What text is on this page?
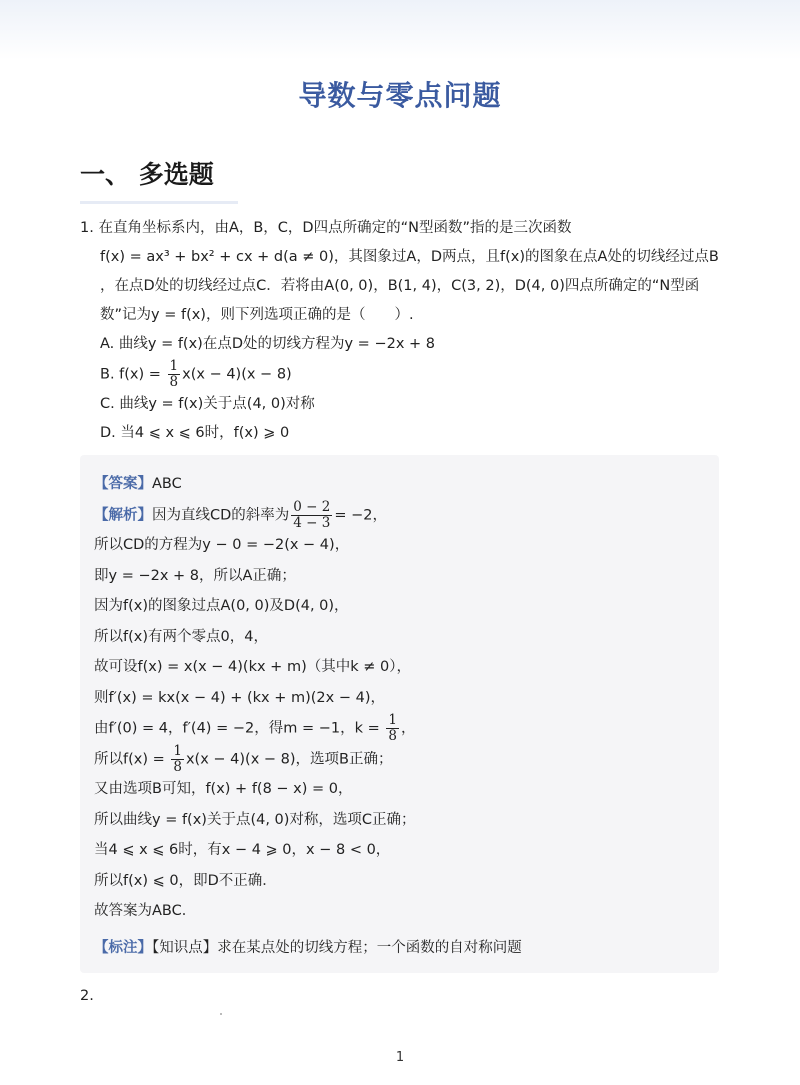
导数与零点问题
一、 多选题
1. 在直角坐标系内，由A，B，C，D四点所确定的“N型函数”指的是三次函数
f(x) = ax³ + bx² + cx + d(a ≠ 0)，其图象过A，D两点，且f(x)的图象在点A处的切线经过点B
，在点D处的切线经过点C．若将由A(0, 0)，B(1, 4)，C(3, 2)，D(4, 0)四点所确定的“N型函
数”记为y = f(x)，则下列选项正确的是（　　）.
A. 曲线y = f(x)在点D处的切线方程为y = −2x + 8
B. $f(x) = \frac{1}{8} x(x - 4)(x - 8)$
C. 曲线y = f(x)关于点(4, 0)对称
D. 当4 ⩽ x ⩽ 6时，f(x) ⩾ 0
【答案】ABC
【解析】因为直线CD的斜率为 $\frac{0 - 2}{4 - 3} = -2$，
所以CD的方程为y − 0 = −2(x − 4)，
即y = −2x + 8，所以A正确；
因为f(x)的图象过点A(0, 0)及D(4, 0)，
所以f(x)有两个零点0，4，
故可设f(x) = x(x − 4)(kx + m)（其中k ≠ 0），
则f′(x) = kx(x − 4) + (kx + m)(2x − 4)，
由f′(0) = 4，f′(4) = −2，得m = −1，$k = \frac{1}{8}$ ，
所以$f(x) = \frac{1}{8} x(x - 4)(x - 8)$，选项B正确；
又由选项B可知，f(x) + f(8 − x) = 0，
所以曲线y = f(x)关于点(4, 0)对称，选项C正确；
当4 ⩽ x ⩽ 6时，有x − 4 ⩾ 0，x − 8 < 0，
所以f(x) ⩽ 0，即D不正确．
故答案为ABC．
【标注】【知识点】求在某点处的切线方程；一个函数的自对称问题
2.
1
